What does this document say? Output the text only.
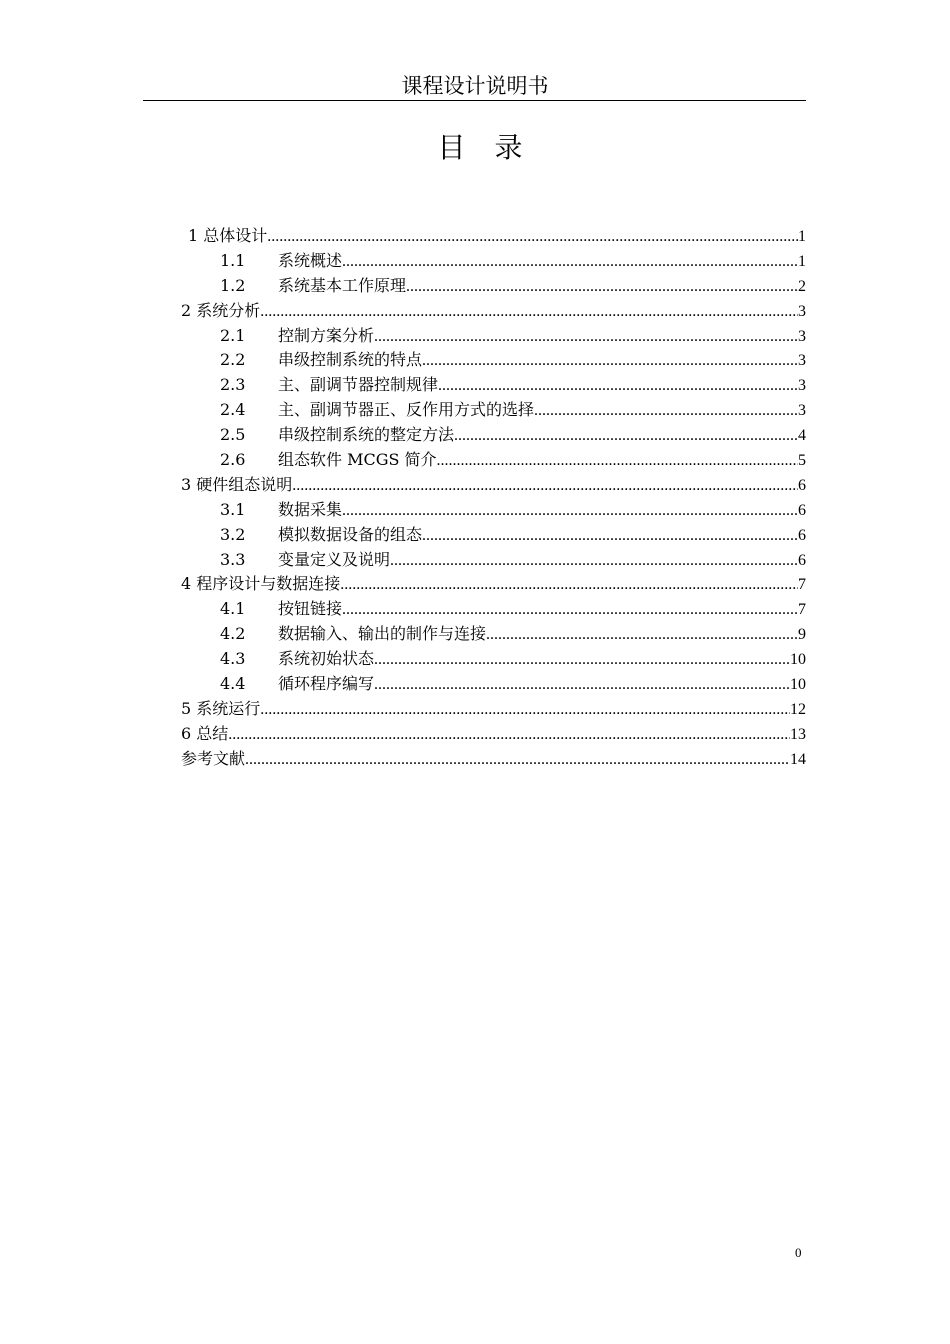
课程设计说明书
目 录
1 总体设计 .....	1
1.1	系统概述 .....	1
1.2	系统基本工作原理 .....	2
2 系统分析 .....	3
2.1	控制方案分析 .....	3
2.2	串级控制系统的特点 .....	3
2.3	主、副调节器控制规律 .....	3
2.4	主、副调节器正、反作用方式的选择 .....	3
2.5	串级控制系统的整定方法 .....	4
2.6	组态软件 MCGS 简介 .....	5
3 硬件组态说明 .....	6
3.1	数据采集 .....	6
3.2	模拟数据设备的组态 .....	6
3.3	变量定义及说明 .....	6
4 程序设计与数据连接 .....	7
4.1	按钮链接 .....	7
4.2	数据输入、输出的制作与连接 .....	9
4.3	系统初始状态 .....	10
4.4	循环程序编写 .....	10
5 系统运行 .....	12
6 总结 .....	13
参考文献 .....	14
0
